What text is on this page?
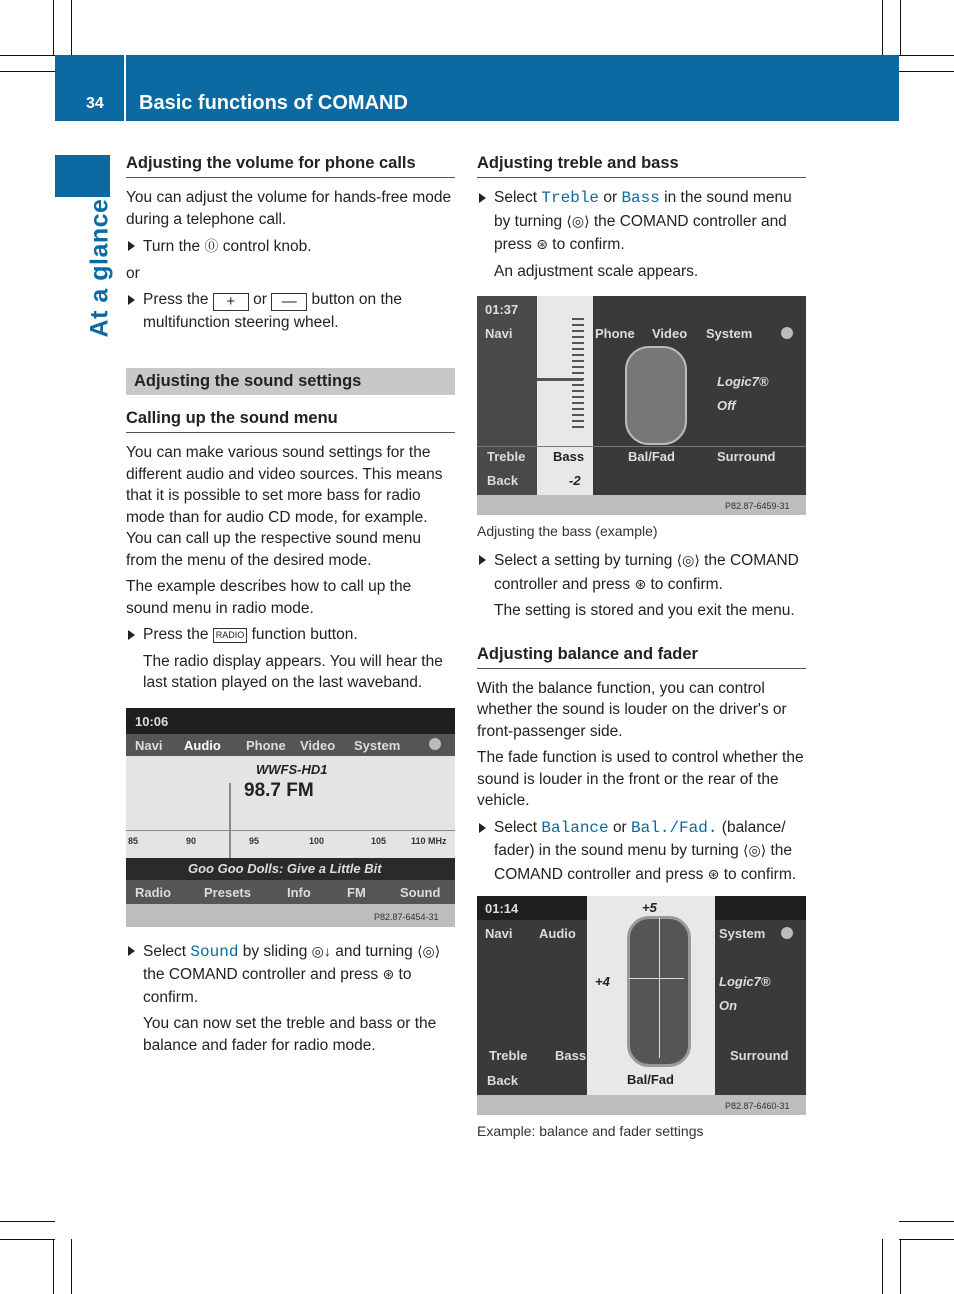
34 Basic functions of COMAND
At a glance
Adjusting the volume for phone calls

You can adjust the volume for hands-free mode during a telephone call.

Turn the ⓪ control knob.

or

Press the + or — button on the multifunction steering wheel.
Adjusting the sound settings
Calling up the sound menu

You can make various sound settings for the different audio and video sources. This means that it is possible to set more bass for radio mode than for audio CD mode, for example. You can call up the respective sound menu from the menu of the desired mode.

The example describes how to call up the sound menu in radio mode.

Press the RADIO function button.

The radio display appears. You will hear the last station played on the last waveband.

10:06
Navi Audio Phone Video System
WWFS-HD1
98.7 FM
85	90	95	100	105	110 MHz
Goo Goo Dolls: Give a Little Bit
Radio	Presets	Info	FM	Sound
P82.87-6454-31
Select Sound by sliding ◎↓ and turning ⟨◎⟩ the COMAND controller and press ⊛ to confirm.

You can now set the treble and bass or the balance and fader for radio mode.

Adjusting treble and bass
Select Treble or Bass in the sound menu by turning ⟨◎⟩ the COMAND controller and press ⊛ to confirm.

An adjustment scale appears.

01:37
Navi	Phone Video System
Logic7®
Off
Treble Bass	Bal/Fad	Surround
Back	-2
P82.87-6459-31
Adjusting the bass (example)
Select a setting by turning ⟨◎⟩ the COMAND controller and press ⊛ to confirm.

The setting is stored and you exit the menu.

Adjusting balance and fader

With the balance function, you can control whether the sound is louder on the driver's or front-passenger side.

The fade function is used to control whether the sound is louder in the front or the rear of the vehicle.

Select Balance or Bal./Fad. (balance/ fader) in the sound menu by turning ⟨◎⟩ the COMAND controller and press ⊛ to confirm.
01:14	+5
Navi Audio	System
+4	Logic7®
On
Treble Bass
Bal/Fad
Surround
Back
P82.87-6460-31
Example: balance and fader settings
